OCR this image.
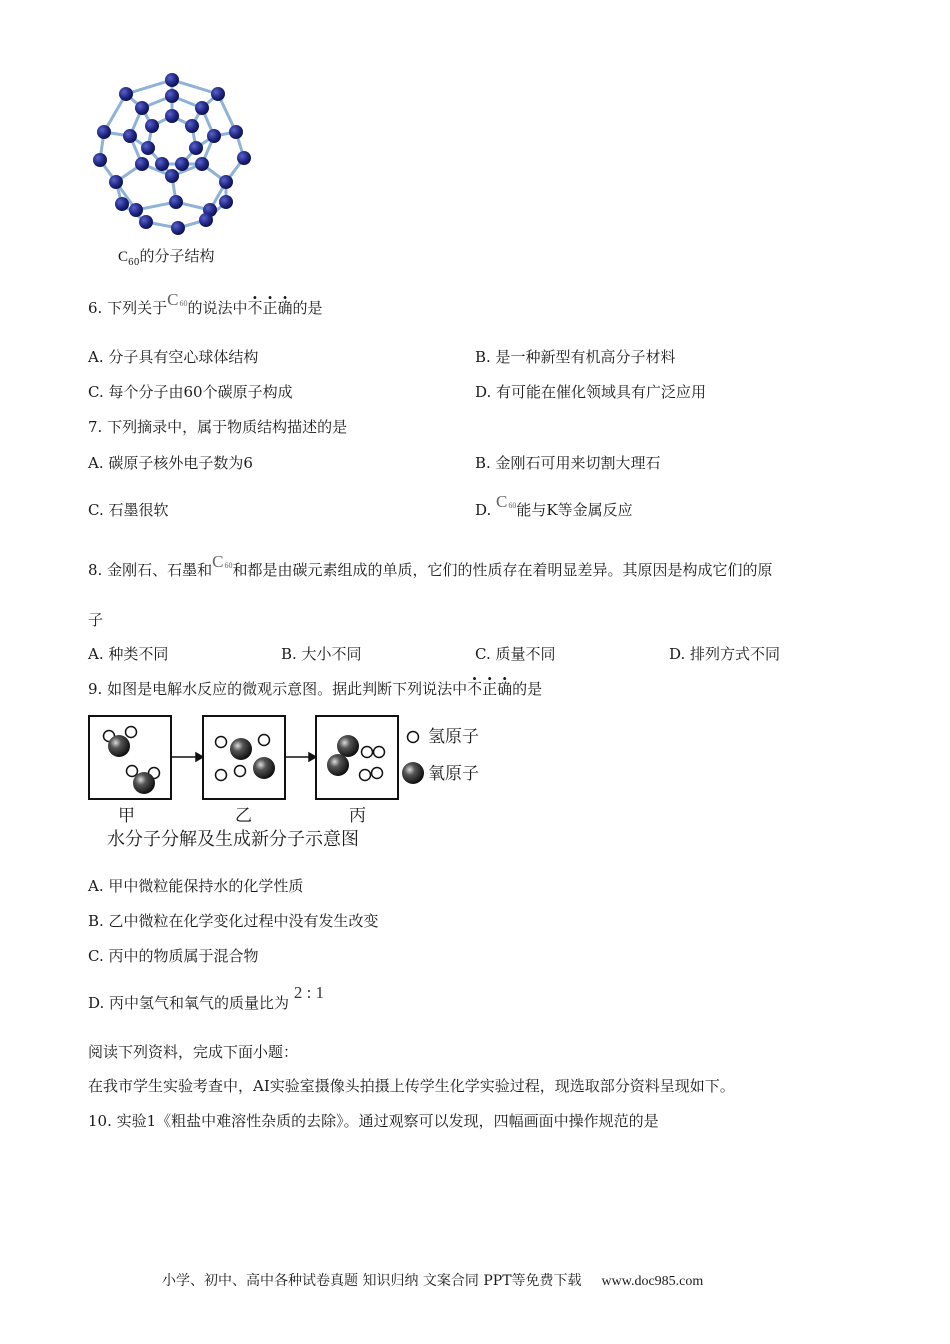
$C_{60}$的分子结构
6. 下列关于$C^{60}$的说法中不正确的是
A. 分子具有空心球体结构	B. 是一种新型有机高分子材料
C. 每个分子由60个碳原子构成	D. 有可能在催化领域具有广泛应用
7. 下列摘录中，属于物质结构描述的是
A. 碳原子核外电子数为6	B. 金刚石可用来切割大理石
C. 石墨很软	D. $C^{60}$能与K等金属反应
8. 金刚石、石墨和$C^{60}$和都是由碳元素组成的单质，它们的性质存在着明显差异。其原因是构成它们的原
子
A. 种类不同	B. 大小不同	C. 质量不同	D. 排列方式不同
9. 如图是电解水反应的微观示意图。据此判断下列说法中不正确的是
氢原子
氧原子
甲	乙	丙
水分子分解及生成新分子示意图
A. 甲中微粒能保持水的化学性质
B. 乙中微粒在化学变化过程中没有发生改变
C. 丙中的物质属于混合物
D. 丙中氢气和氧气的质量比为 2 : 1
阅读下列资料，完成下面小题：
在我市学生实验考查中，AI实验室摄像头拍摄上传学生化学实验过程，现选取部分资料呈现如下。
10. 实验1《粗盐中难溶性杂质的去除》。通过观察可以发现，四幅画面中操作规范的是
小学、初中、高中各种试卷真题 知识归纳 文案合同 PPT等免费下载 www.doc985.com
